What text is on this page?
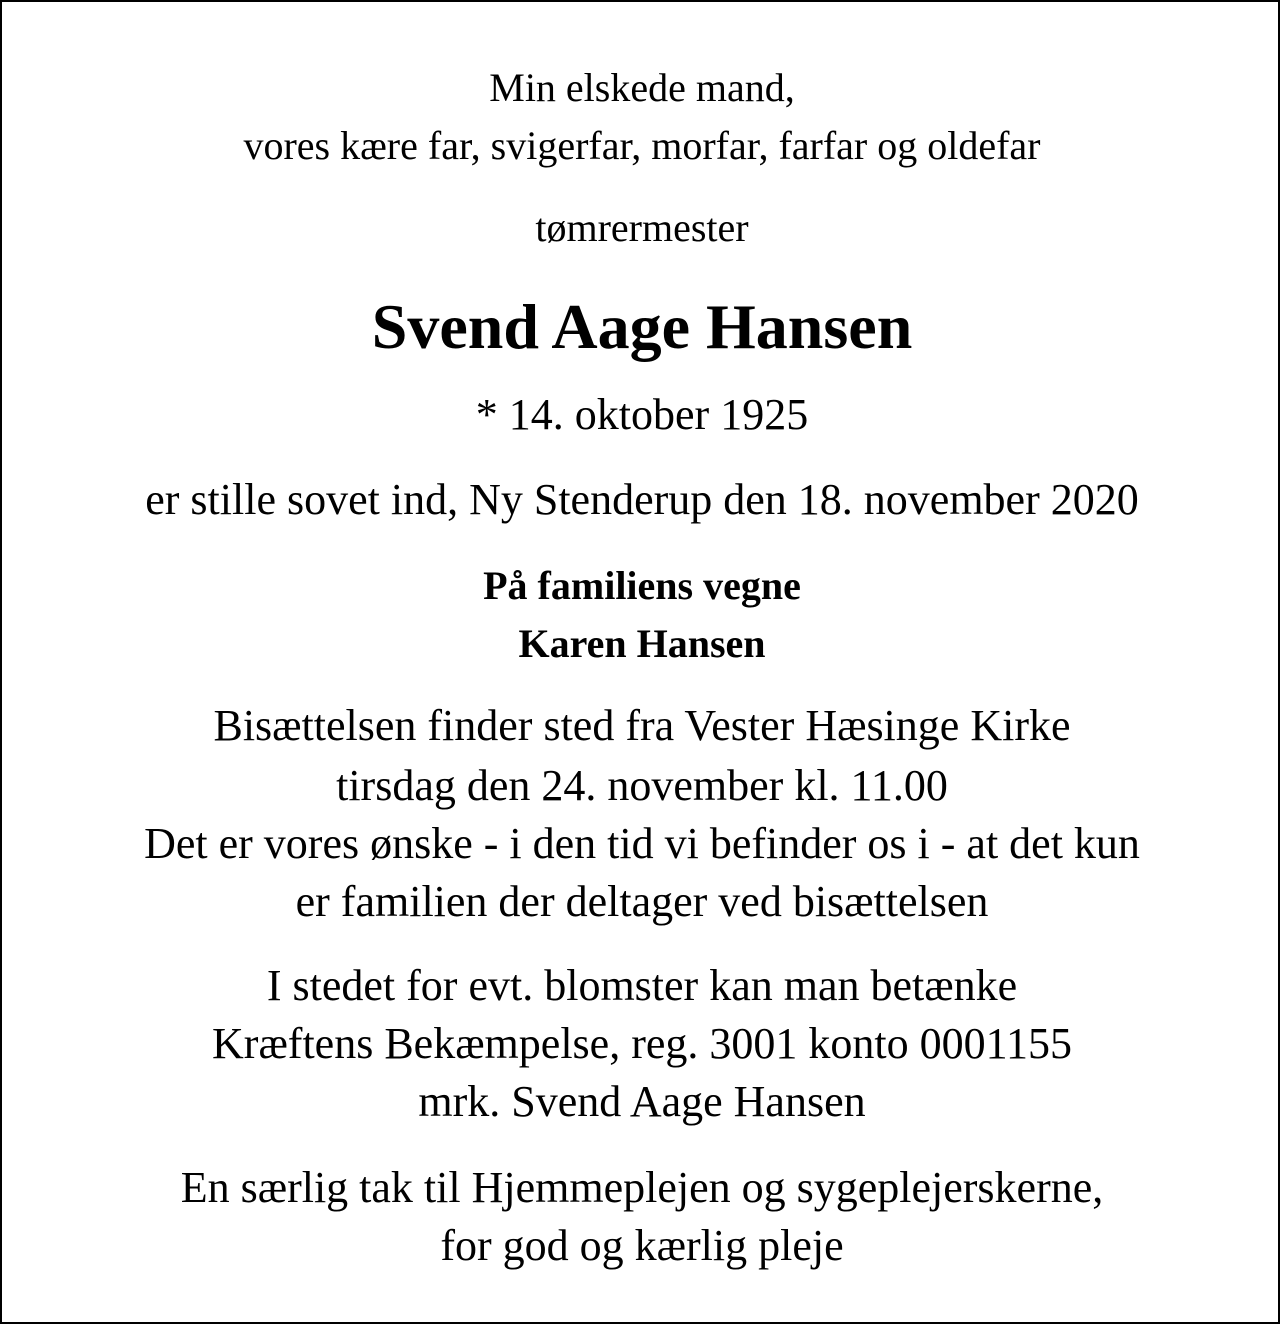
Min elskede mand,
vores kære far, svigerfar, morfar, farfar og oldefar
tømrermester
Svend Aage Hansen
* 14. oktober 1925
er stille sovet ind, Ny Stenderup den 18. november 2020
På familiens vegne
Karen Hansen
Bisættelsen finder sted fra Vester Hæsinge Kirke
tirsdag den 24. november kl. 11.00
Det er vores ønske - i den tid vi befinder os i - at det kun
er familien der deltager ved bisættelsen
I stedet for evt. blomster kan man betænke
Kræftens Bekæmpelse, reg. 3001 konto 0001155
mrk. Svend Aage Hansen
En særlig tak til Hjemmeplejen og sygeplejerskerne,
for god og kærlig pleje
